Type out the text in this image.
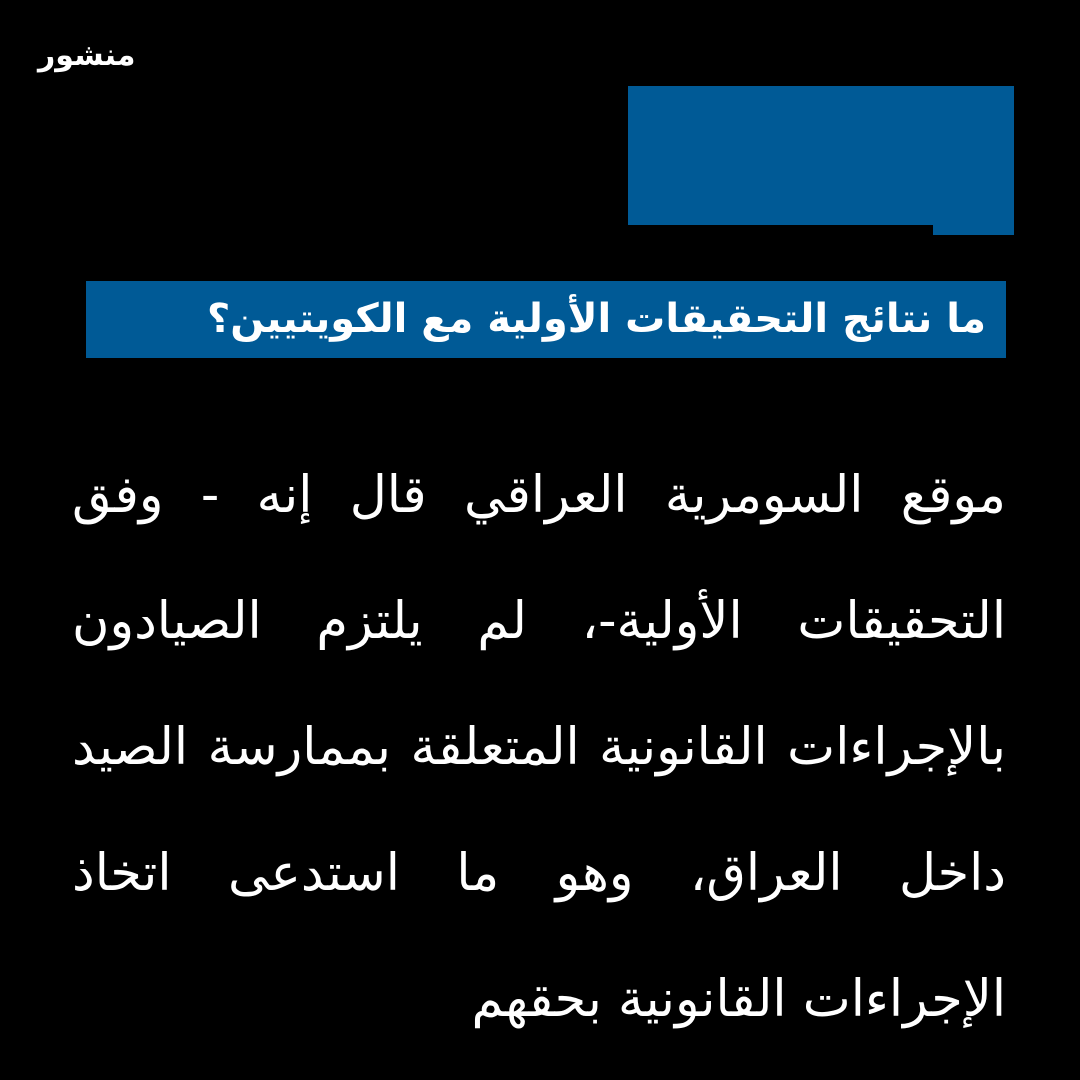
منشور
ما نتائج التحقيقات الأولية مع الكويتيين؟

موقع السومرية العراقي قال إنه - وفق التحقيقات الأولية-، لم يلتزم الصيادون بالإجراءات القانونية المتعلقة بممارسة الصيد داخل العراق، وهو ما استدعى اتخاذ الإجراءات القانونية بحقهم
